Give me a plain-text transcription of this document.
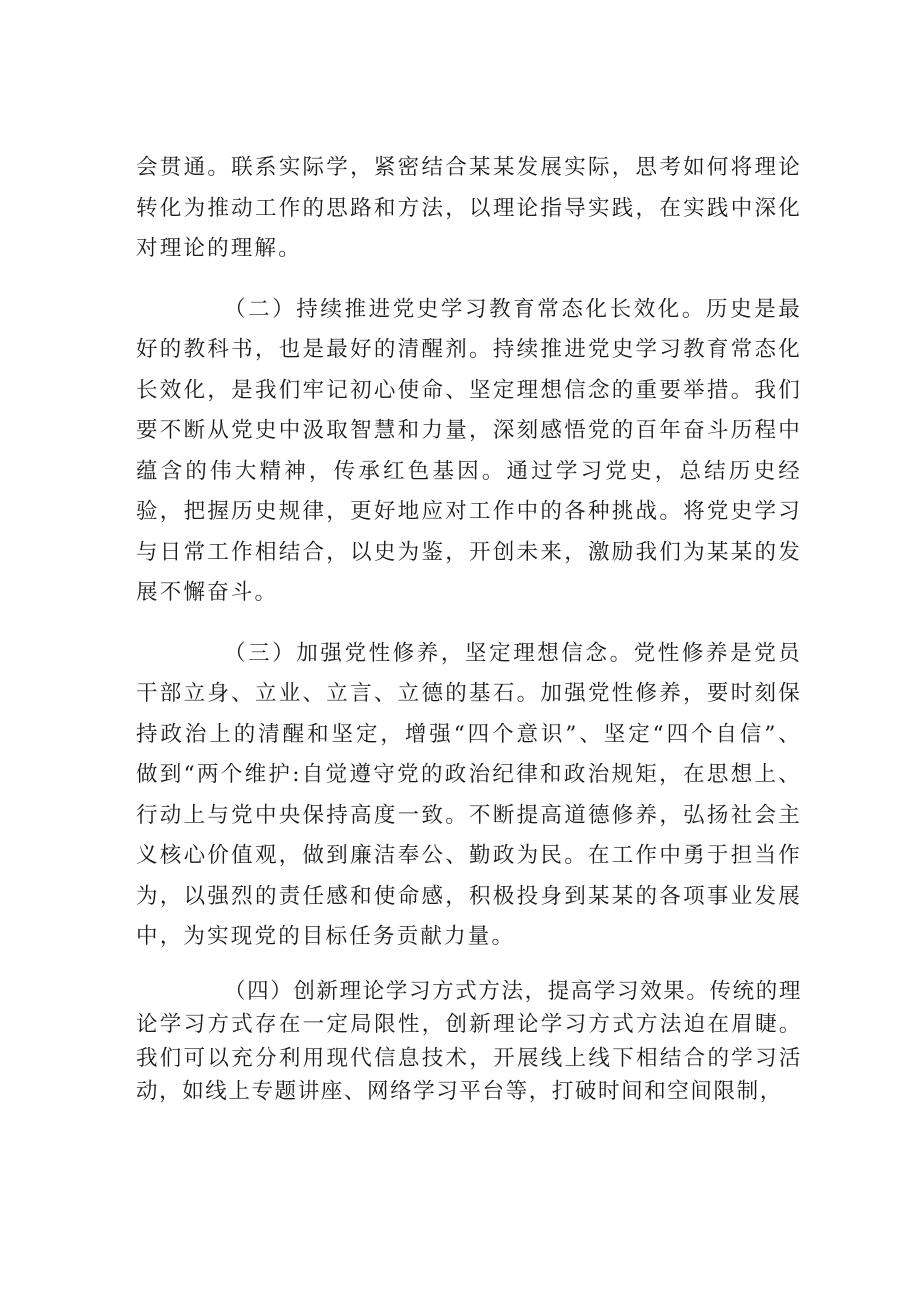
会贯通。联系实际学，紧密结合某某发展实际，思考如何将理论转化为推动工作的思路和方法，以理论指导实践，在实践中深化对理论的理解。

（二）持续推进党史学习教育常态化长效化。历史是最好的教科书，也是最好的清醒剂。持续推进党史学习教育常态化长效化，是我们牢记初心使命、坚定理想信念的重要举措。我们要不断从党史中汲取智慧和力量，深刻感悟党的百年奋斗历程中蕴含的伟大精神，传承红色基因。通过学习党史，总结历史经验，把握历史规律，更好地应对工作中的各种挑战。将党史学习与日常工作相结合，以史为鉴，开创未来，激励我们为某某的发展不懈奋斗。

（三）加强党性修养，坚定理想信念。党性修养是党员干部立身、立业、立言、立德的基石。加强党性修养，要时刻保持政治上的清醒和坚定，增强“四个意识”、坚定“四个自信”、做到“两个维护:自觉遵守党的政治纪律和政治规矩，在思想上、行动上与党中央保持高度一致。不断提高道德修养，弘扬社会主义核心价值观，做到廉洁奉公、勤政为民。在工作中勇于担当作为，以强烈的责任感和使命感，积极投身到某某的各项事业发展中，为实现党的目标任务贡献力量。

（四）创新理论学习方式方法，提高学习效果。传统的理论学习方式存在一定局限性，创新理论学习方式方法迫在眉睫。我们可以充分利用现代信息技术，开展线上线下相结合的学习活动，如线上专题讲座、网络学习平台等，打破时间和空间限制，
